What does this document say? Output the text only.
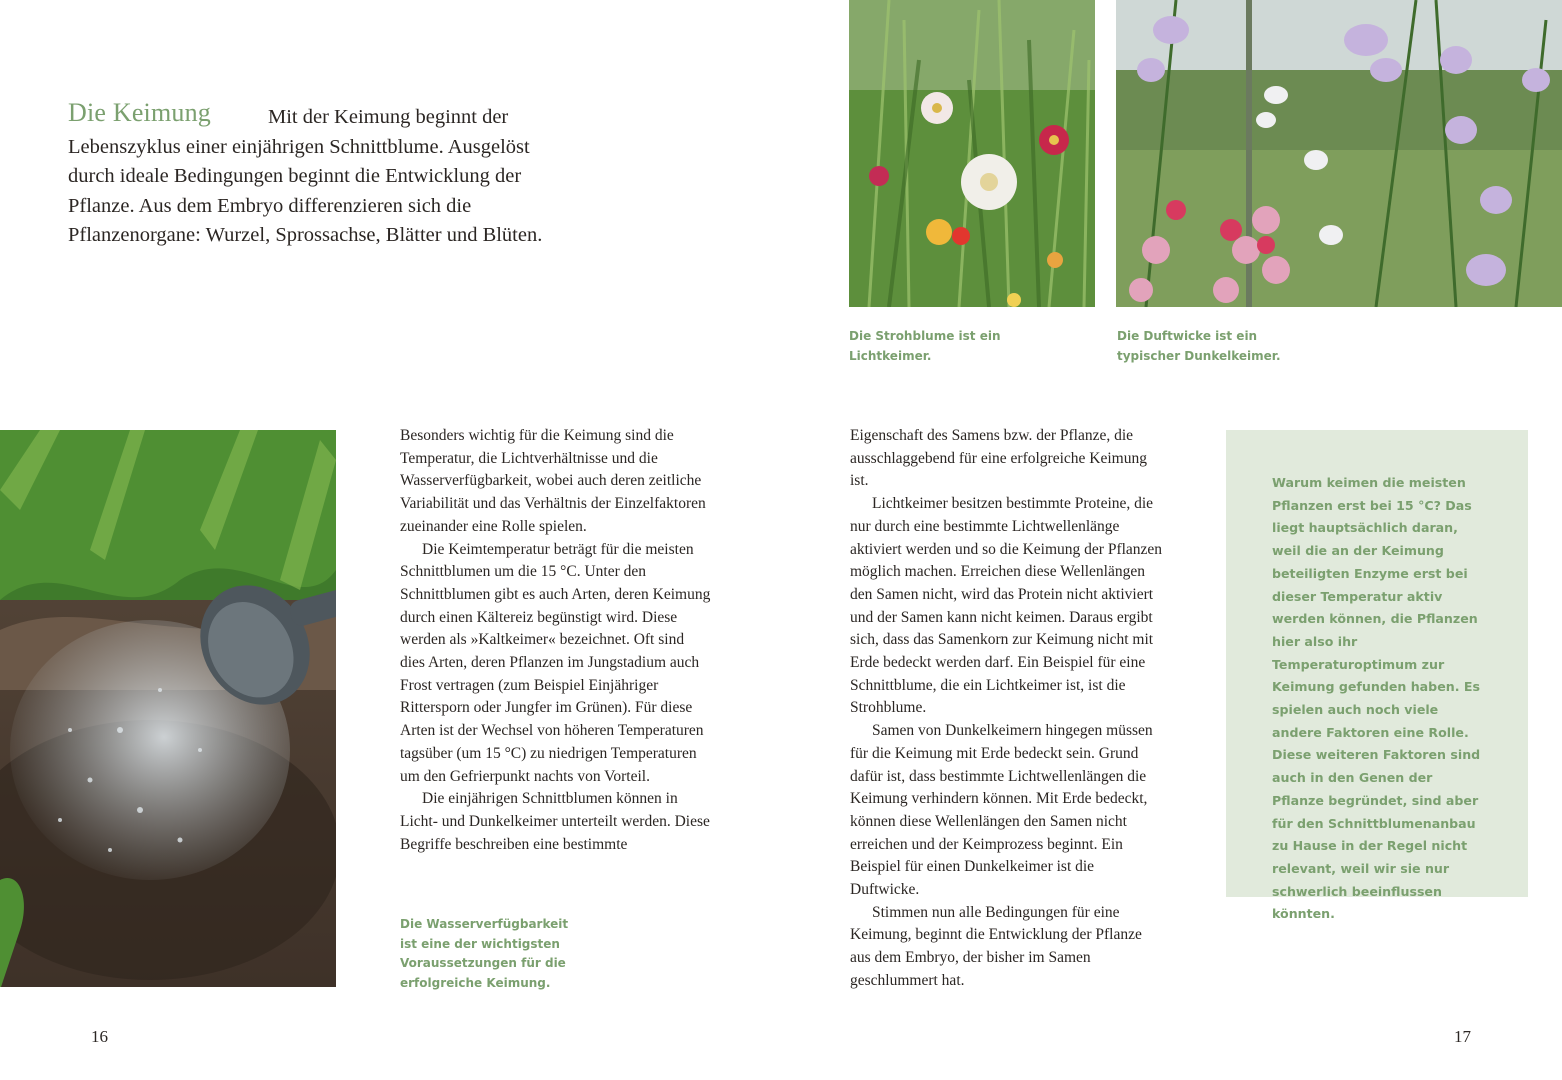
Die Keimung	Mit der Keimung beginnt der Lebenszyklus einer einjährigen Schnittblume. Ausgelöst durch ideale Bedingungen beginnt die Entwicklung der Pflanze. Aus dem Embryo differenzieren sich die Pflanzenorgane: Wurzel, Sprossachse, Blätter und Blüten.

Die Wasserverfügbarkeit ist eine der wichtigsten Voraussetzungen für die erfolgreiche Keimung.

Besonders wichtig für die Keimung sind die Temperatur, die Lichtverhältnisse und die Wasserverfügbarkeit, wobei auch deren zeitliche Variabilität und das Verhältnis der Einzelfaktoren zueinander eine Rolle spielen.

Die Keimtemperatur beträgt für die meisten Schnittblumen um die 15 °C. Unter den Schnittblumen gibt es auch Arten, deren Keimung durch einen Kältereiz begünstigt wird. Diese werden als »Kaltkeimer« bezeichnet. Oft sind dies Arten, deren Pflanzen im Jungstadium auch Frost vertragen (zum Beispiel Einjähriger Rittersporn oder Jungfer im Grünen). Für diese Arten ist der Wechsel von höheren Temperaturen tagsüber (um 15 °C) zu niedrigen Temperaturen um den Gefrierpunkt nachts von Vorteil.

Die einjährigen Schnittblumen können in Licht- und Dunkelkeimer unterteilt werden. Diese Begriffe beschreiben eine bestimmte

16
Die Strohblume ist ein Lichtkeimer.
Die Duftwicke ist ein typischer Dunkelkeimer.

Eigenschaft des Samens bzw. der Pflanze, die ausschlaggebend für eine erfolgreiche Keimung ist.

Lichtkeimer besitzen bestimmte Proteine, die nur durch eine bestimmte Lichtwellenlänge aktiviert werden und so die Keimung der Pflanzen möglich machen. Erreichen diese Wellenlängen den Samen nicht, wird das Protein nicht aktiviert und der Samen kann nicht keimen. Daraus ergibt sich, dass das Samenkorn zur Keimung nicht mit Erde bedeckt werden darf. Ein Beispiel für eine Schnittblume, die ein Lichtkeimer ist, ist die Strohblume.

Samen von Dunkelkeimern hingegen müssen für die Keimung mit Erde bedeckt sein. Grund dafür ist, dass bestimmte Lichtwellenlängen die Keimung verhindern können. Mit Erde bedeckt, können diese Wellenlängen den Samen nicht erreichen und der Keimprozess beginnt. Ein Beispiel für einen Dunkelkeimer ist die Duftwicke.

Stimmen nun alle Bedingungen für eine Keimung, beginnt die Entwicklung der Pflanze aus dem Embryo, der bisher im Samen geschlummert hat.

Warum keimen die meisten Pflanzen erst bei 15 °C? Das liegt hauptsächlich daran, weil die an der Keimung beteiligten Enzyme erst bei dieser Temperatur aktiv werden können, die Pflanzen hier also ihr Temperaturoptimum zur Keimung gefunden haben. Es spielen auch noch viele andere Faktoren eine Rolle. Diese weiteren Faktoren sind auch in den Genen der Pflanze begründet, sind aber für den Schnittblumenanbau zu Hause in der Regel nicht relevant, weil wir sie nur schwerlich beeinflussen könnten.

17
